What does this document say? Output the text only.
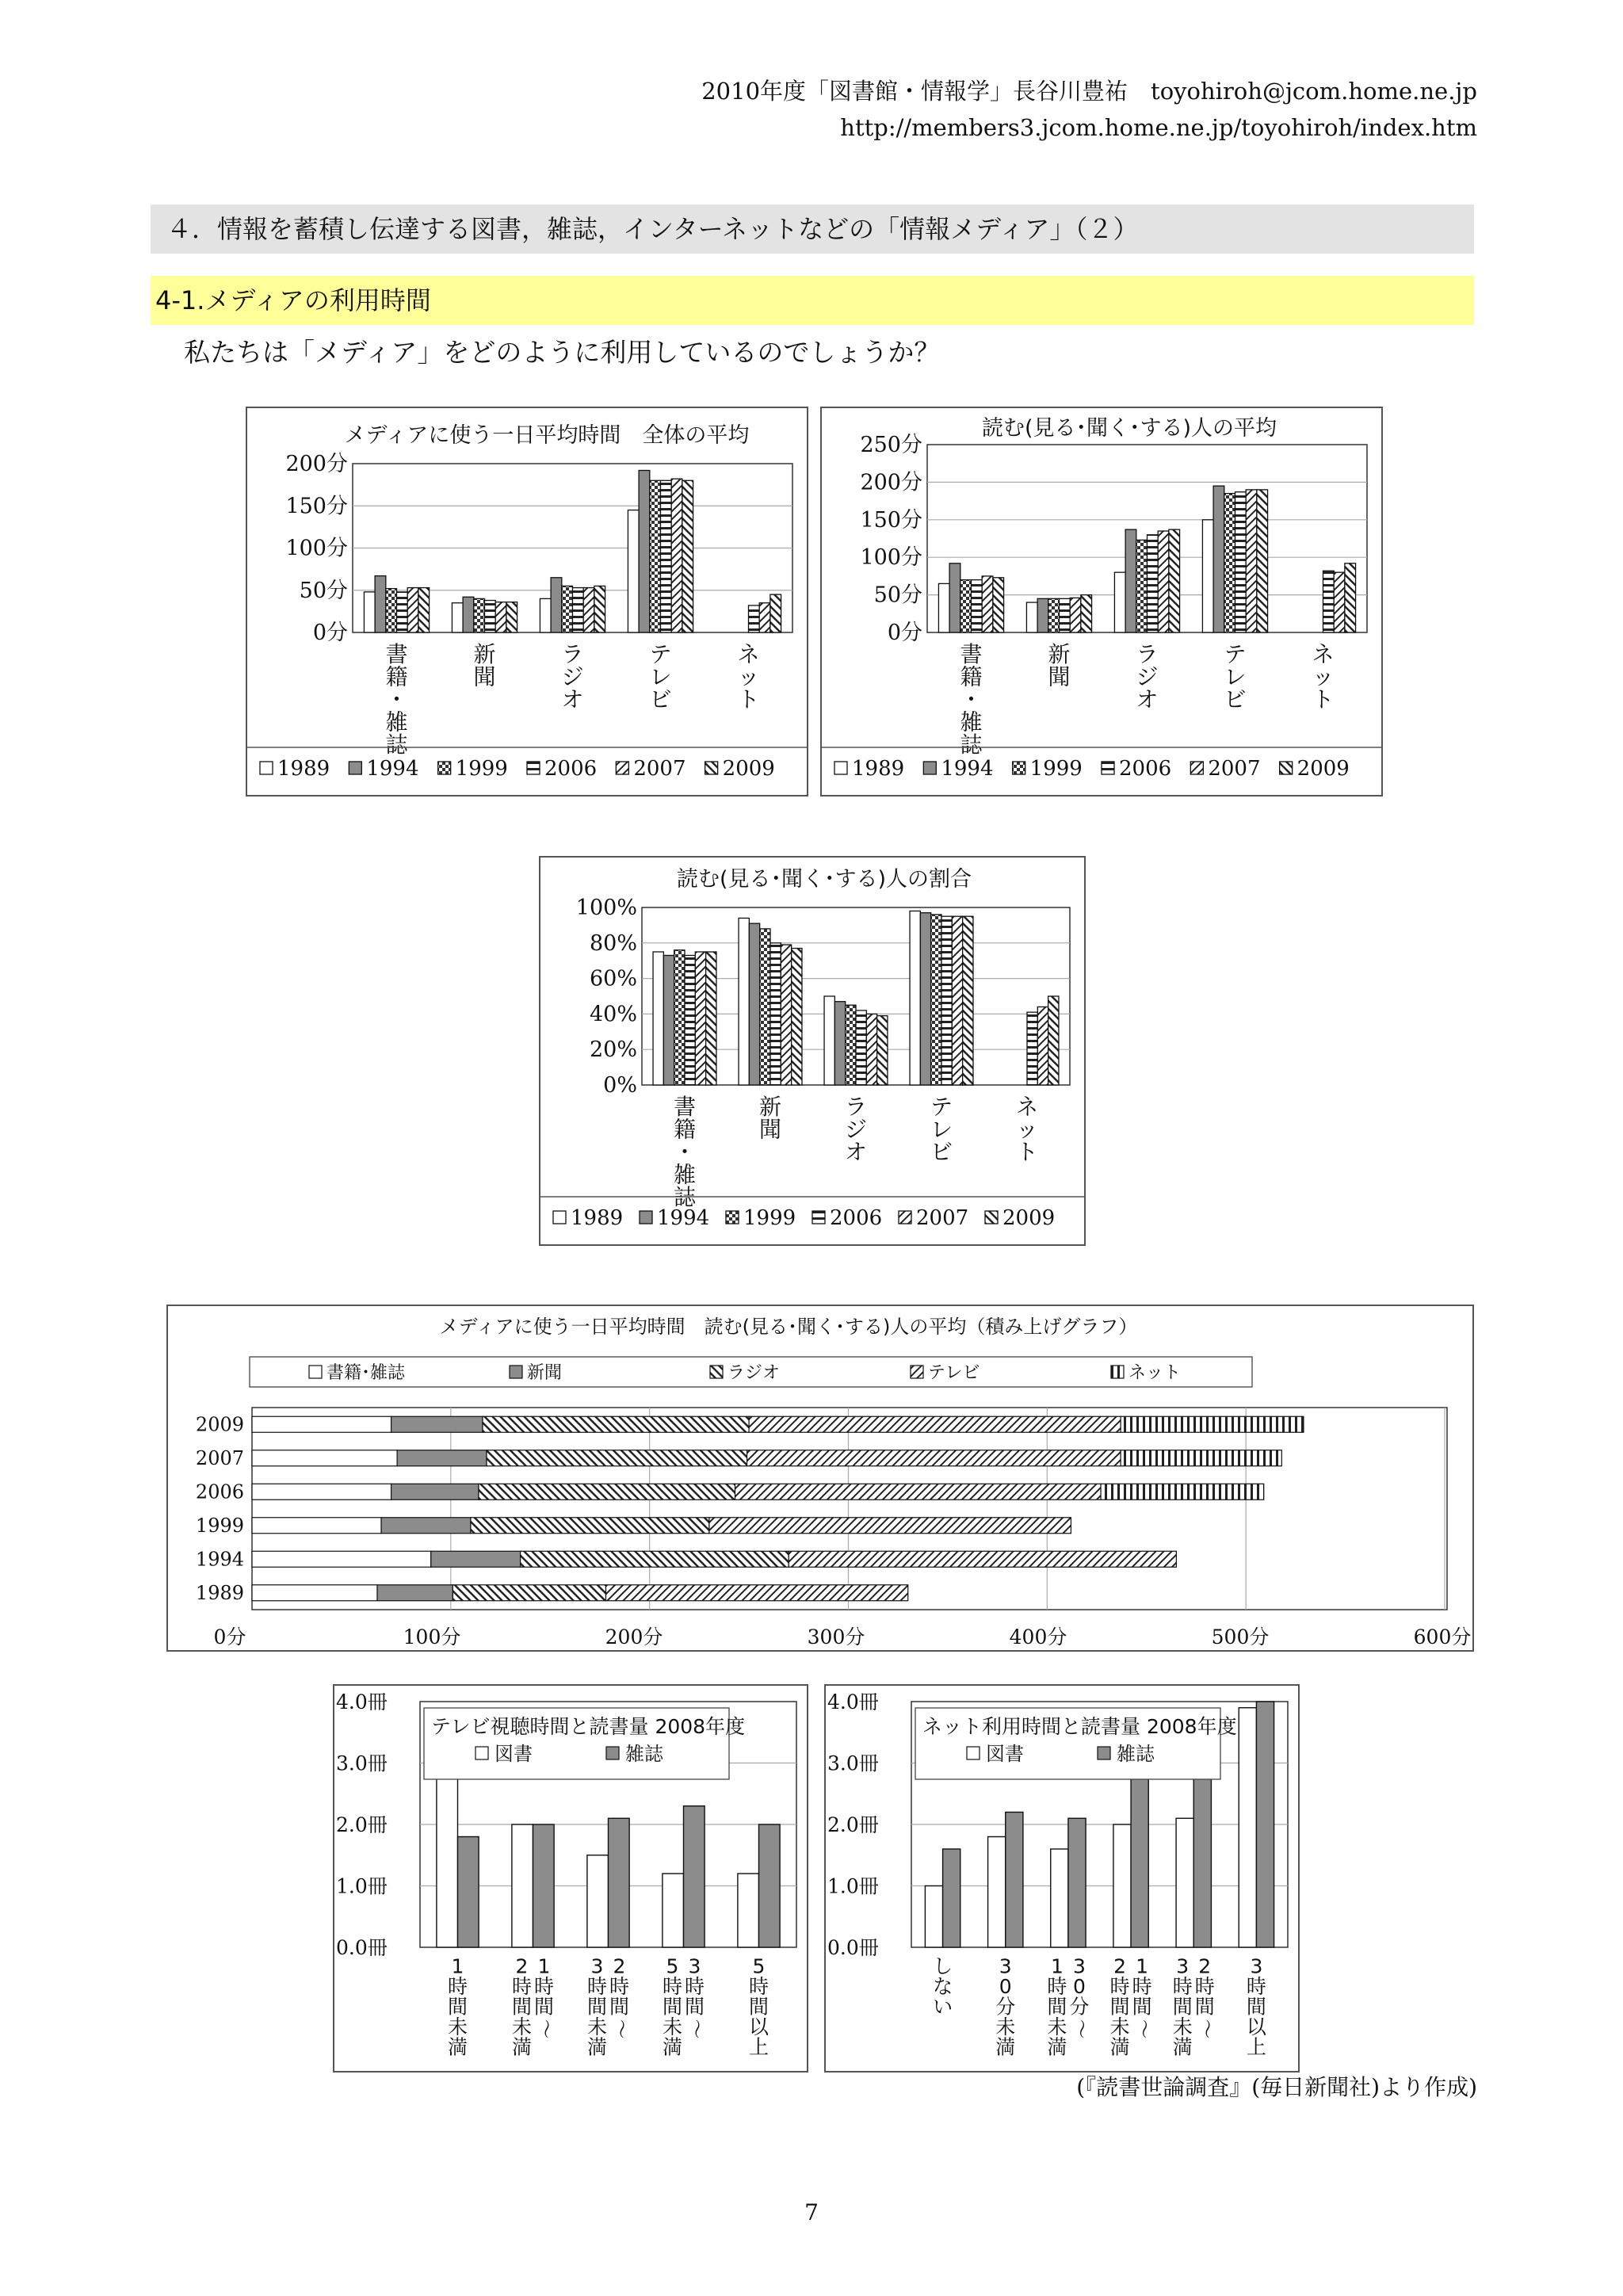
2010年度「図書館・情報学」長谷川豊祐　toyohiroh@jcom.home.ne.jp
http://members3.jcom.home.ne.jp/toyohiroh/index.htm
４．情報を蓄積し伝達する図書，雑誌，インターネットなどの「情報メディア」（２）
4-1.メディアの利用時間
私たちは「メディア」をどのように利用しているのでしょうか？
メディアに使う一日平均時間　全体の平均
0分
50分
100分
150分
200分
書
籍
・
雑
誌
新
聞
ラ
ジ
オ
テ
レ
ビ
ネ
ッ
ト
1989 1994 1999 2006 2007 2009
読む(見る･聞く･する)人の平均
0分
50分
100分
150分
200分
250分
書
籍
・
雑
誌
新
聞
ラ
ジ
オ
テ
レ
ビ
ネ
ッ
ト
1989 1994 1999 2006 2007 2009
読む(見る･聞く･する)人の割合
0%
20%
40%
60%
80%
100%
書
籍
・
雑
誌
新
聞
ラ
ジ
オ
テ
レ
ビ
ネ
ッ
ト
1989 1994 1999 2006 2007 2009
メディアに使う一日平均時間　読む(見る･聞く･する)人の平均（積み上げグラフ）
書籍･雑誌	新聞	ラジオ	テレビ	ネット
2009
2007
2006
1999
1994
1989
0分	100分	200分	300分	400分	500分	600分
0.0冊
1.0冊
2.0冊
3.0冊
4.0冊
1
時
間
未
満
1
時
間
～
2
時
間
未
満
2
時
間
～
3
時
間
未
満
3
時
間
～
5
時
間
未
満
5
時
間
以
上
テレビ視聴時間と読書量 2008年度
図書	雑誌
0.0冊
1.0冊
2.0冊
3.0冊
4.0冊
し
な
い
3
0
分
未
満
3
0
分
～
1
時
間
未
満
1
時
間
～
2
時
間
未
満
2
時
間
～
3
時
間
未
満
3
時
間
以
上
ネット利用時間と読書量 2008年度
図書	雑誌
(『読書世論調査』(毎日新聞社)より作成)
7
